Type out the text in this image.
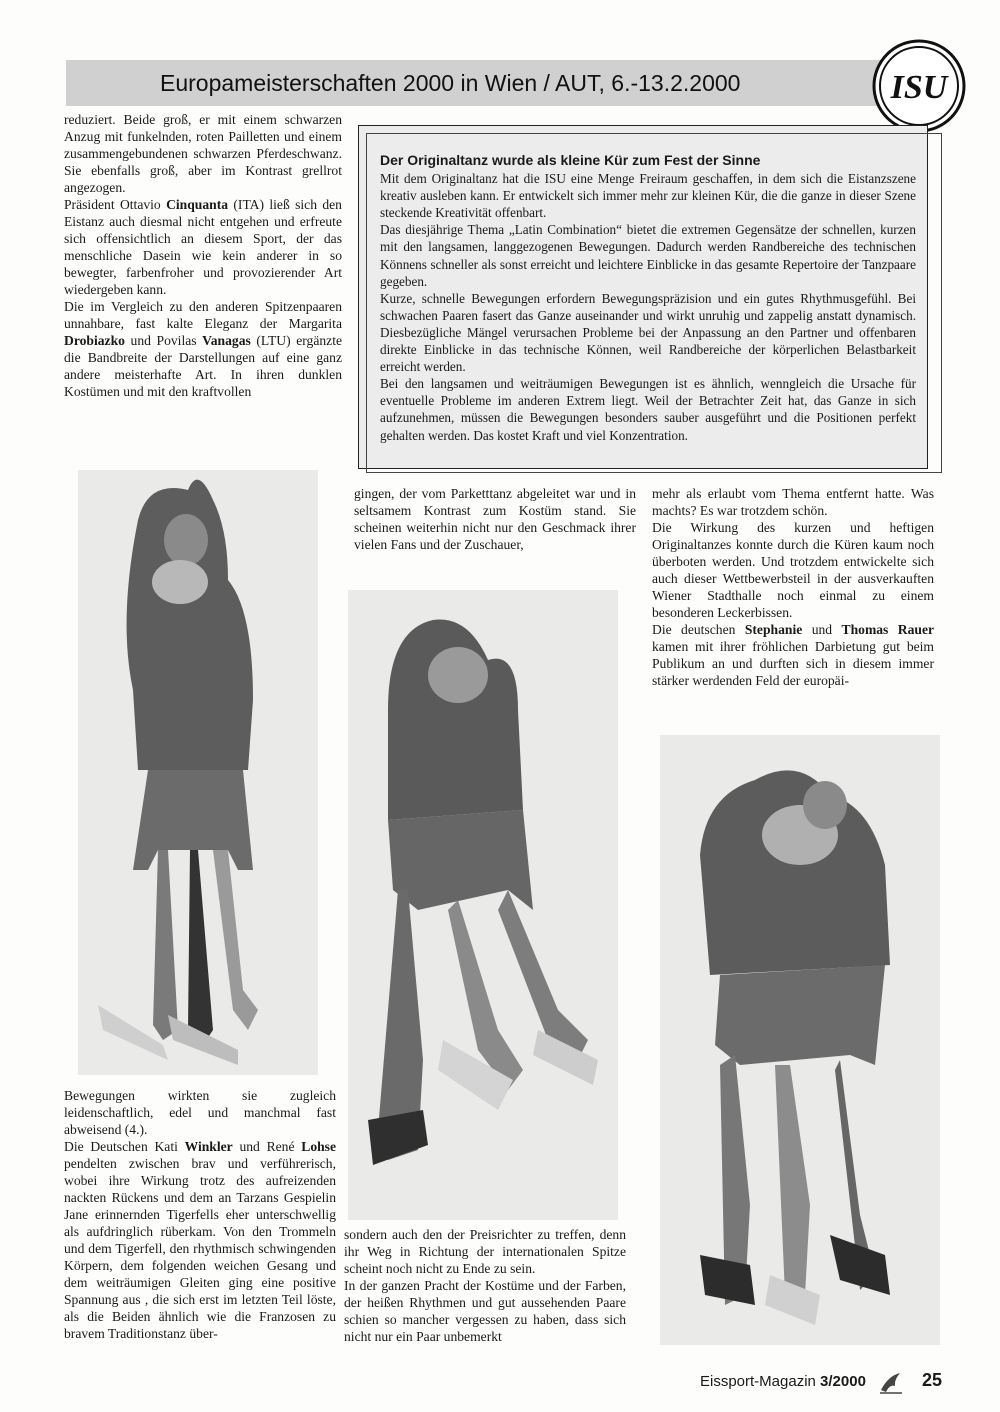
Europameisterschaften 2000 in Wien / AUT, 6.-13.2.2000	ISU

reduziert. Beide groß, er mit einem schwarzen Anzug mit funkelnden, roten Pailletten und einem zusammengebundenen schwarzen Pferdeschwanz. Sie ebenfalls groß, aber im Kontrast grellrot angezogen.

Präsident Ottavio Cinquanta (ITA) ließ sich den Eistanz auch diesmal nicht entgehen und erfreute sich offensichtlich an diesem Sport, der das menschliche Dasein wie kein anderer in so bewegter, farbenfroher und provozierender Art wiedergeben kann.

Die im Vergleich zu den anderen Spitzenpaaren unnahbare, fast kalte Eleganz der Margarita Drobiazko und Povilas Vanagas (LTU) ergänzte die Bandbreite der Darstellungen auf eine ganz andere meisterhafte Art. In ihren dunklen Kostümen und mit den kraftvollen

Der Originaltanz wurde als kleine Kür zum Fest der Sinne

Mit dem Originaltanz hat die ISU eine Menge Freiraum geschaffen, in dem sich die Eistanzszene kreativ ausleben kann. Er entwickelt sich immer mehr zur kleinen Kür, die die ganze in dieser Szene steckende Kreativität offenbart.

Das diesjährige Thema „Latin Combination“ bietet die extremen Gegensätze der schnellen, kurzen mit den langsamen, langgezogenen Bewegungen. Dadurch werden Randbereiche des technischen Könnens schneller als sonst erreicht und leichtere Einblicke in das gesamte Repertoire der Tanzpaare gegeben.

Kurze, schnelle Bewegungen erfordern Bewegungspräzision und ein gutes Rhythmusgefühl. Bei schwachen Paaren fasert das Ganze auseinander und wirkt unruhig und zappelig anstatt dynamisch. Diesbezügliche Mängel verursachen Probleme bei der Anpassung an den Partner und offenbaren direkte Einblicke in das technische Können, weil Randbereiche der körperlichen Belastbarkeit erreicht werden.

Bei den langsamen und weiträumigen Bewegungen ist es ähnlich, wenngleich die Ursache für eventuelle Probleme im anderen Extrem liegt. Weil der Betrachter Zeit hat, das Ganze in sich aufzunehmen, müssen die Bewegungen besonders sauber ausgeführt und die Positionen perfekt gehalten werden. Das kostet Kraft und viel Konzentration.

Bewegungen wirkten sie zugleich leidenschaftlich, edel und manchmal fast abweisend (4.).

Die Deutschen Kati Winkler und René Lohse pendelten zwischen brav und verführerisch, wobei ihre Wirkung trotz des aufreizenden nackten Rückens und dem an Tarzans Gespielin Jane erinnernden Tigerfells eher unterschwellig als aufdringlich rüberkam. Von den Trommeln und dem Tigerfell, den rhythmisch schwingenden Körpern, dem folgenden weichen Gesang und dem weiträumigen Gleiten ging eine positive Spannung aus , die sich erst im letzten Teil löste, als die Beiden ähnlich wie die Franzosen zu bravem Traditionstanz über-

gingen, der vom Parketttanz abgeleitet war und in seltsamem Kontrast zum Kostüm stand. Sie scheinen weiterhin nicht nur den Geschmack ihrer vielen Fans und der Zuschauer,

sondern auch den der Preisrichter zu treffen, denn ihr Weg in Richtung der internationalen Spitze scheint noch nicht zu Ende zu sein.

In der ganzen Pracht der Kostüme und der Farben, der heißen Rhythmen und gut aussehenden Paare schien so mancher vergessen zu haben, dass sich nicht nur ein Paar unbemerkt

mehr als erlaubt vom Thema entfernt hatte. Was machts? Es war trotzdem schön.

Die Wirkung des kurzen und heftigen Originaltanzes konnte durch die Küren kaum noch überboten werden. Und trotzdem entwickelte sich auch dieser Wettbewerbsteil in der ausverkauften Wiener Stadthalle noch einmal zu einem besonderen Leckerbissen.

Die deutschen Stephanie und Thomas Rauer kamen mit ihrer fröhlichen Darbietung gut beim Publikum an und durften sich in diesem immer stärker werdenden Feld der europäi-

Eissport-Magazin 3/2000	25
